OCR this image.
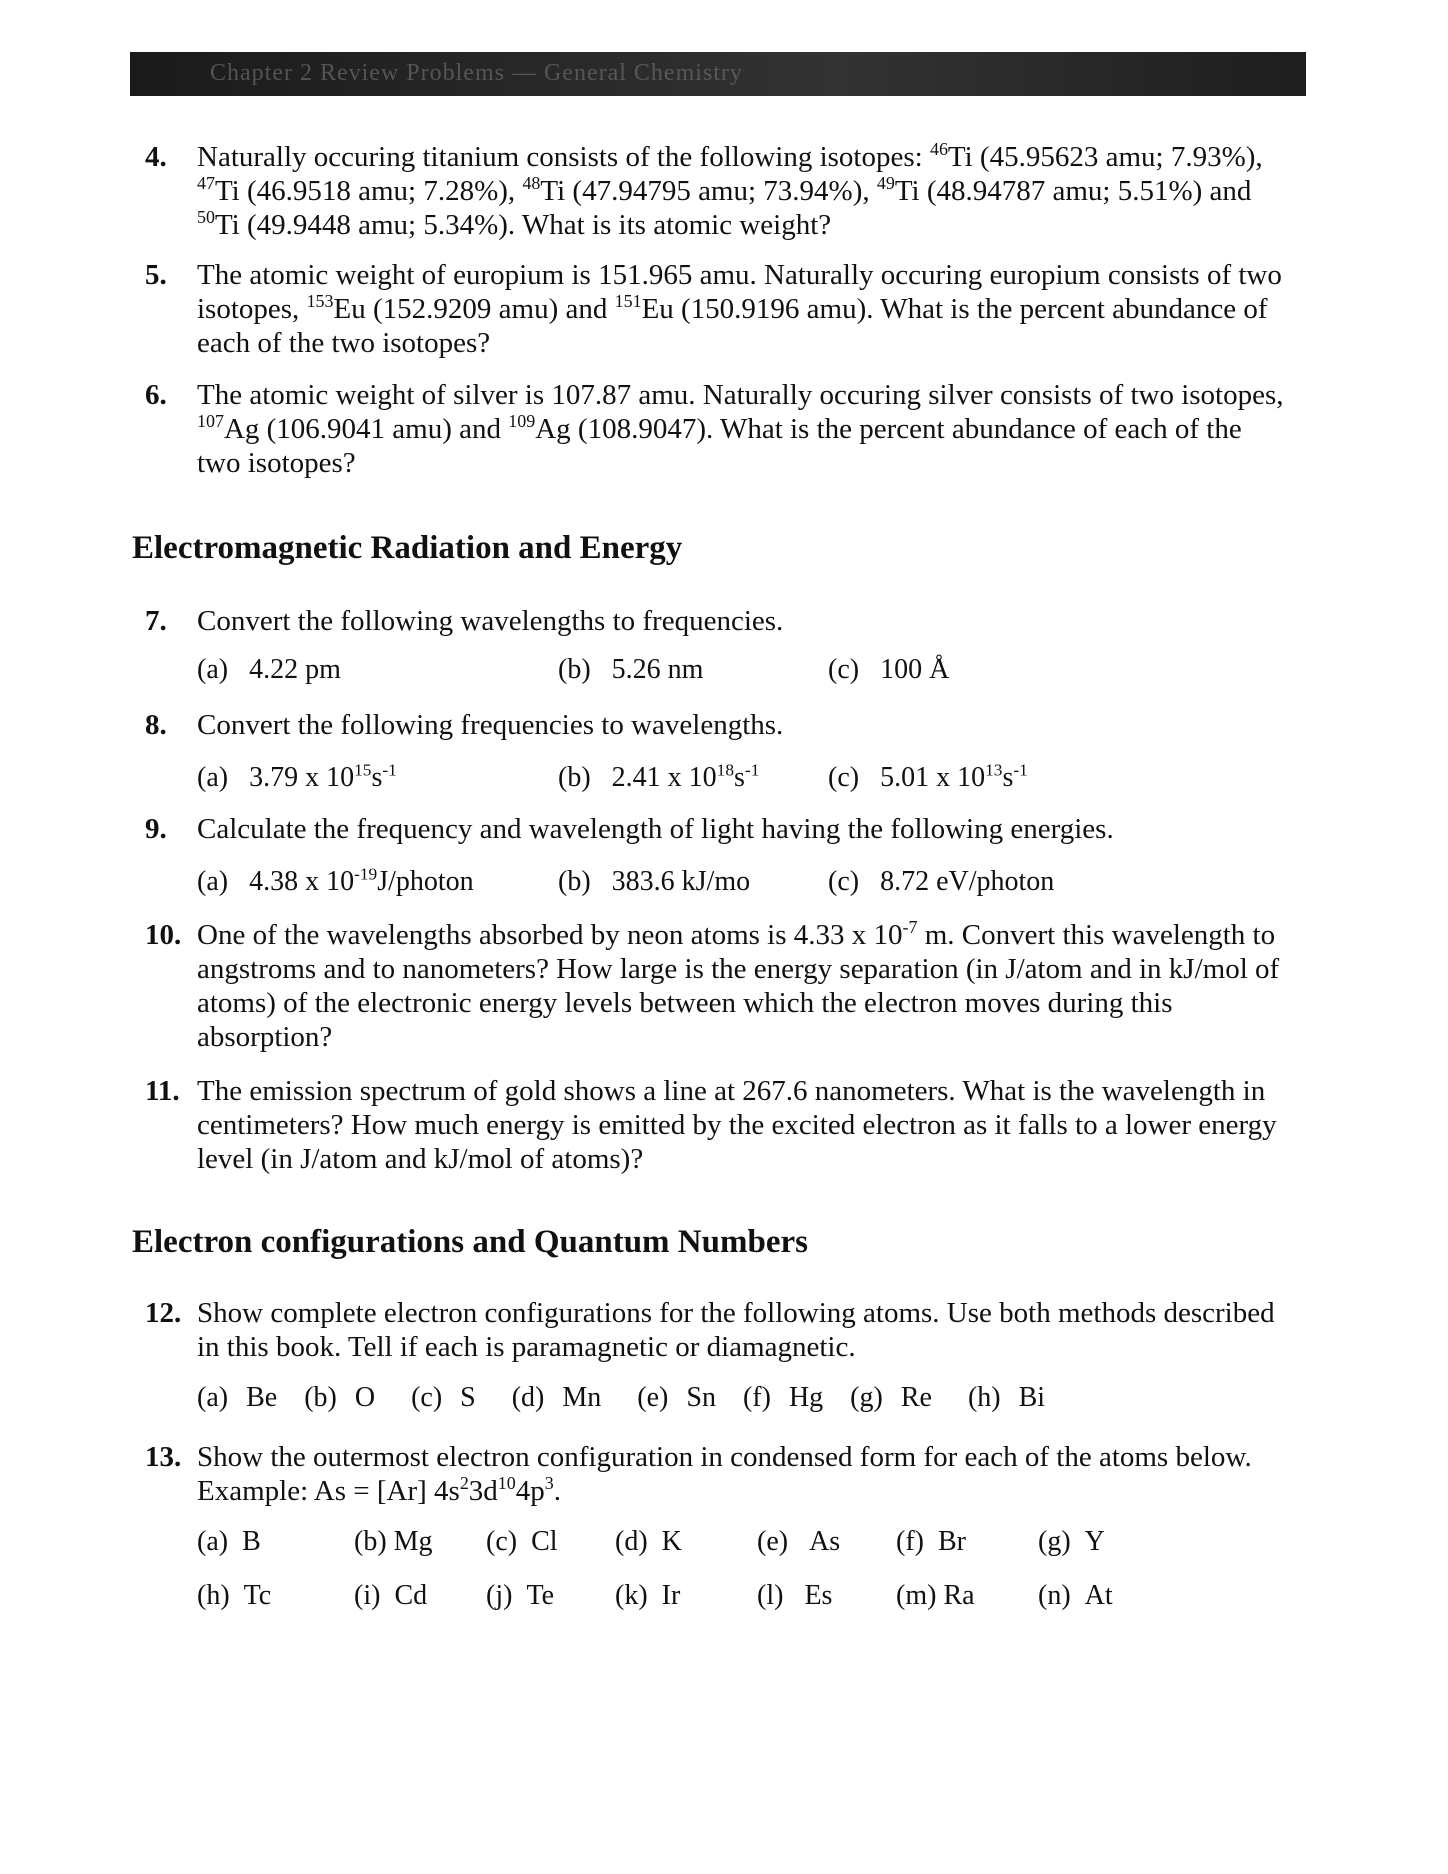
Chapter 2 Review Problems — General Chemistry
4. Naturally occuring titanium consists of the following isotopes: $^{46}$Ti (45.95623 amu; 7.93%), $^{47}$Ti (46.9518 amu; 7.28%), $^{48}$Ti (47.94795 amu; 73.94%), $^{49}$Ti (48.94787 amu; 5.51%) and $^{50}$Ti (49.9448 amu; 5.34%). What is its atomic weight?
5. The atomic weight of europium is 151.965 amu. Naturally occuring europium consists of two isotopes, $^{153}$Eu (152.9209 amu) and $^{151}$Eu (150.9196 amu). What is the percent abundance of each of the two isotopes?
6. The atomic weight of silver is 107.87 amu. Naturally occuring silver consists of two isotopes, $^{107}$Ag (106.9041 amu) and $^{109}$Ag (108.9047). What is the percent abundance of each of the two isotopes?
Electromagnetic Radiation and Energy
7. Convert the following wavelengths to frequencies.
(a) 4.22 pm	(b) 5.26 nm	(c) 100 Å
8. Convert the following frequencies to wavelengths.
(a) 3.79 x $10^{15}s^{-1}$	(b) 2.41 x $10^{18}s^{-1}$ (c) 5.01 x $10^{13}s^{-1}$
9. Calculate the frequency and wavelength of light having the following energies.
(a) 4.38 x $10^{-19}J$/photon	(b) 383.6 kJ/mo	(c) 8.72 eV/photon
10. One of the wavelengths absorbed by neon atoms is 4.33 x $10^{-7}$ m. Convert this wavelength to angstroms and to nanometers? How large is the energy separation (in J/atom and in kJ/mol of atoms) of the electronic energy levels between which the electron moves during this absorption?
11. The emission spectrum of gold shows a line at 267.6 nanometers. What is the wavelength in centimeters? How much energy is emitted by the excited electron as it falls to a lower energy level (in J/atom and kJ/mol of atoms)?
Electron configurations and Quantum Numbers
12. Show complete electron configurations for the following atoms. Use both methods described in this book. Tell if each is paramagnetic or diamagnetic.
(a) Be (b) O (c) S (d) Mn (e) Sn (f) Hg (g) Re (h) Bi
13. Show the outermost electron configuration in condensed form for each of the atoms below.
Example: As = [Ar] $4s^23d^{10}4p^3$.
(a) B	(b) Mg (c) Cl (d) K	(e) As (f) Br	(g) Y
(h) Tc	(i) Cd (j) Te (k) Ir	(l) Es (m) Ra (n) At
